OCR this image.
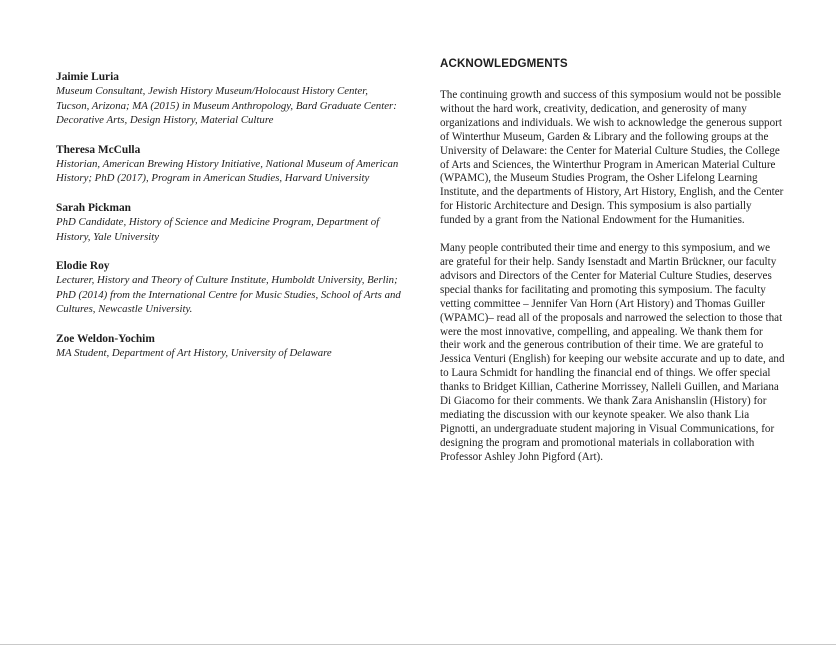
Jaimie Luria
Museum Consultant, Jewish History Museum/Holocaust History Center, Tucson, Arizona; MA (2015) in Museum Anthropology, Bard Graduate Center: Decorative Arts, Design History, Material Culture
Theresa McCulla
Historian, American Brewing History Initiative, National Museum of American History; PhD (2017), Program in American Studies, Harvard University
Sarah Pickman
PhD Candidate, History of Science and Medicine Program, Department of History, Yale University
Elodie Roy
Lecturer, History and Theory of Culture Institute, Humboldt University, Berlin; PhD (2014) from the International Centre for Music Studies, School of Arts and Cultures, Newcastle University.
Zoe Weldon-Yochim
MA Student, Department of Art History, University of Delaware
ACKNOWLEDGMENTS

The continuing growth and success of this symposium would not be possible without the hard work, creativity, dedication, and generosity of many organizations and individuals. We wish to acknowledge the generous support of Winterthur Museum, Garden & Library and the following groups at the University of Delaware: the Center for Material Culture Studies, the College of Arts and Sciences, the Winterthur Program in American Material Culture (WPAMC), the Museum Studies Program, the Osher Lifelong Learning Institute, and the departments of History, Art History, English, and the Center for Historic Architecture and Design. This symposium is also partially funded by a grant from the National Endowment for the Humanities.

Many people contributed their time and energy to this symposium, and we are grateful for their help. Sandy Isenstadt and Martin Brückner, our faculty advisors and Directors of the Center for Material Culture Studies, deserves special thanks for facilitating and promoting this symposium. The faculty vetting committee – Jennifer Van Horn (Art History) and Thomas Guiller (WPAMC)– read all of the proposals and narrowed the selection to those that were the most innovative, compelling, and appealing. We thank them for their work and the generous contribution of their time. We are grateful to Jessica Venturi (English) for keeping our website accurate and up to date, and to Laura Schmidt for handling the financial end of things. We offer special thanks to Bridget Killian, Catherine Morrissey, Nalleli Guillen, and Mariana Di Giacomo for their comments. We thank Zara Anishanslin (History) for mediating the discussion with our keynote speaker. We also thank Lia Pignotti, an undergraduate student majoring in Visual Communications, for designing the program and promotional materials in collaboration with Professor Ashley John Pigford (Art).
